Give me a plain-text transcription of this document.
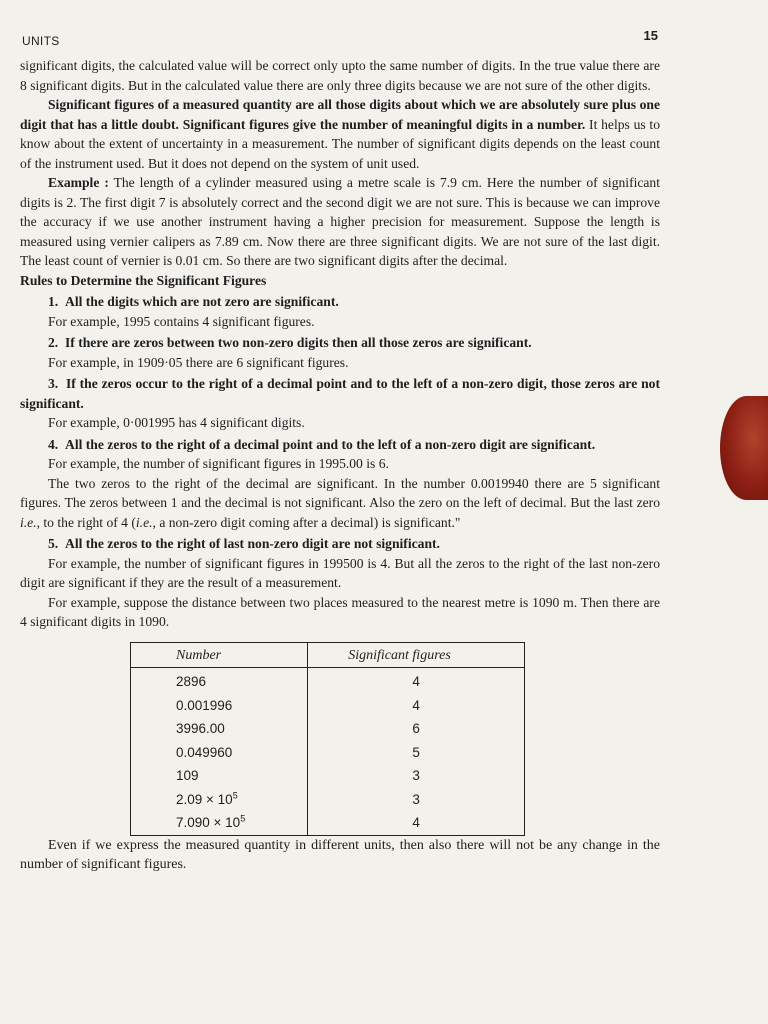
UNITS	15

significant digits, the calculated value will be correct only upto the same number of digits. In the true value there are 8 significant digits. But in the calculated value there are only three digits because we are not sure of the other digits.

Significant figures of a measured quantity are all those digits about which we are absolutely sure plus one digit that has a little doubt. Significant figures give the number of meaningful digits in a number. It helps us to know about the extent of uncertainty in a measurement. The number of significant digits depends on the least count of the instrument used. But it does not depend on the system of unit used.

Example : The length of a cylinder measured using a metre scale is 7.9 cm. Here the number of significant digits is 2. The first digit 7 is absolutely correct and the second digit we are not sure. This is because we can improve the accuracy if we use another instrument having a higher precision for measurement. Suppose the length is measured using vernier calipers as 7.89 cm. Now there are three significant digits. We are not sure of the last digit. The least count of vernier is 0.01 cm. So there are two significant digits after the decimal.

Rules to Determine the Significant Figures

1. All the digits which are not zero are significant.

For example, 1995 contains 4 significant figures.

2. If there are zeros between two non-zero digits then all those zeros are significant.

For example, in 1909·05 there are 6 significant figures.

3. If the zeros occur to the right of a decimal point and to the left of a non-zero digit, those zeros are not significant.

For example, 0·001995 has 4 significant digits.

4. All the zeros to the right of a decimal point and to the left of a non-zero digit are significant.

For example, the number of significant figures in 1995.00 is 6.

The two zeros to the right of the decimal are significant. In the number 0.0019940 there are 5 significant figures. The zeros between 1 and the decimal is not significant. Also the zero on the left of decimal. But the last zero i.e., to the right of 4 (i.e., a non-zero digit coming after a decimal) is significant."

5. All the zeros to the right of last non-zero digit are not significant.

For example, the number of significant figures in 199500 is 4. But all the zeros to the right of the last non-zero digit are significant if they are the result of a measurement.

For example, suppose the distance between two places measured to the nearest metre is 1090 m. Then there are 4 significant digits in 1090.

Number	Significant figures
2896	4
0.001996	4
3996.00	6
0.049960	5
109	3
$2.09 \times 10^5$	3
$7.090 \times 10^5$	4

Even if we express the measured quantity in different units, then also there will not be any change in the number of significant figures.
